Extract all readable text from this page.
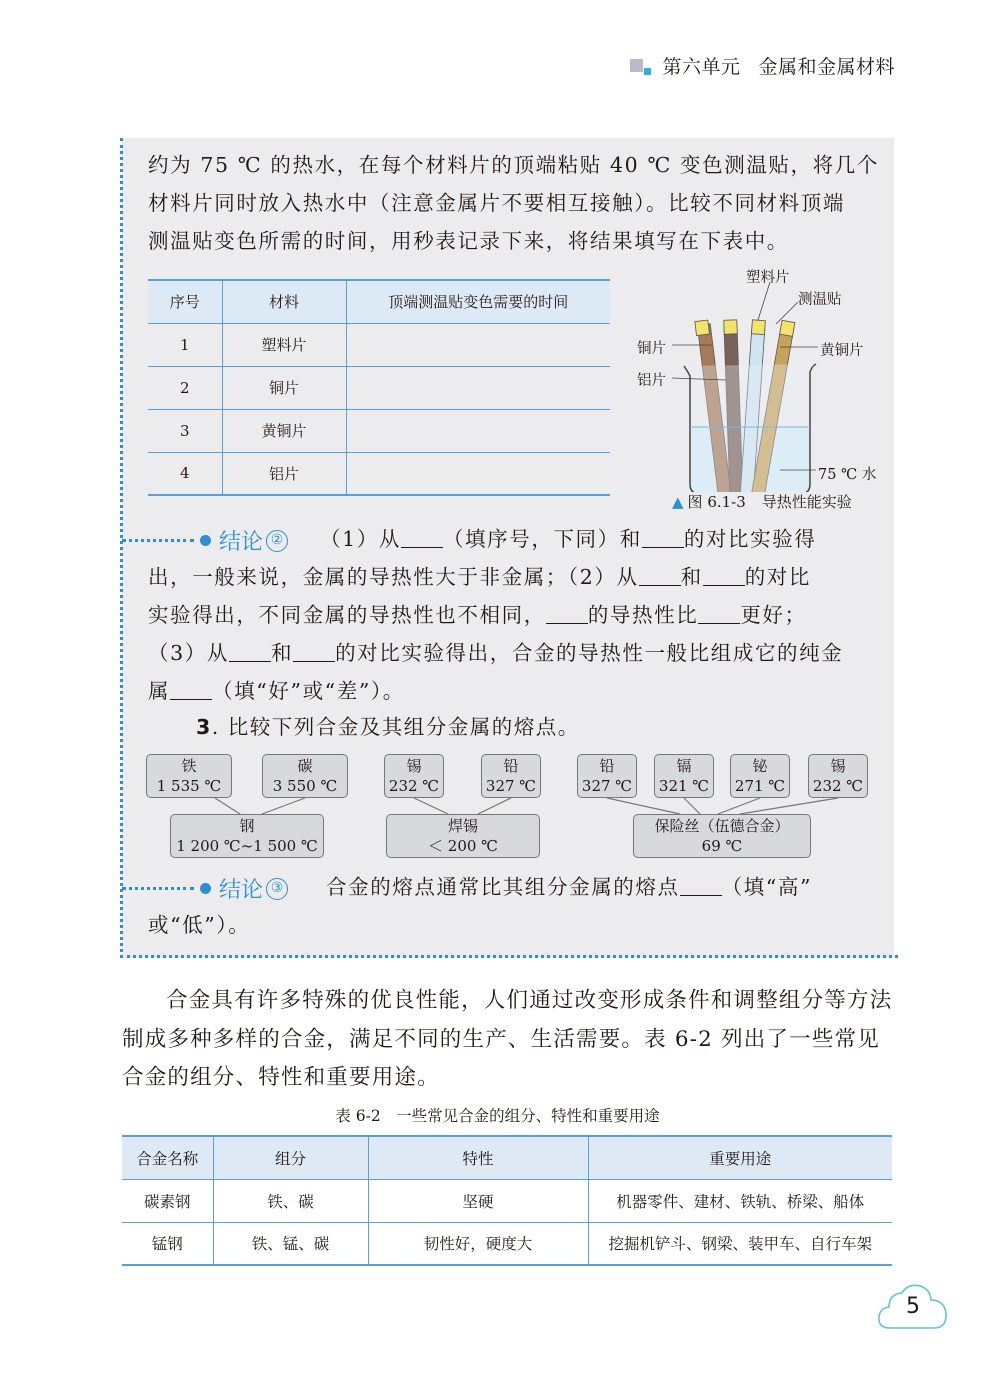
第六单元 金属和金属材料
约为 75 ℃ 的热水，在每个材料片的顶端粘贴 40 ℃ 变色测温贴，将几个
材料片同时放入热水中（注意金属片不要相互接触）。比较不同材料顶端
测温贴变色所需的时间，用秒表记录下来，将结果填写在下表中。
序号	材料	顶端测温贴变色需要的时间
1	塑料片	
2	铜片	
3	黄铜片	
4	铝片	
塑料片
测温贴
铜片	黄铜片
铝片
75 ℃ 水
▲ 图 6.1-3 导热性能实验
结论 ② （1）从 （填序号，下同）和 的对比实验得
出，一般来说，金属的导热性大于非金属；（2）从 和 的对比
实验得出，不同金属的导热性也不相同， 的导热性比 更好；
（3）从 和 的对比实验得出，合金的导热性一般比组成它的纯金
属 （填“好”或“差”）。
3. 比较下列合金及其组分金属的熔点。
铁
1 535 ℃
碳
3 550 ℃
锡
232 ℃
铅
327 ℃
铅
327 ℃
镉
321 ℃
铋
271 ℃
锡
232 ℃
钢
1 200 ℃~1 500 ℃
焊锡
＜ 200 ℃
保险丝（伍德合金）
69 ℃
结论 ③ 合金的熔点通常比其组分金属的熔点 （填“高”
或“低”）。
合金具有许多特殊的优良性能，人们通过改变形成条件和调整组分等方法制成多种多样的合金，满足不同的生产、生活需要。表 6-2 列出了一些常见合金的组分、特性和重要用途。
表 6-2　一些常见合金的组分、特性和重要用途
合金名称	组分	特性	重要用途
碳素钢	铁、碳	坚硬	机器零件、建材、铁轨、桥梁、船体
锰钢	铁、锰、碳	韧性好，硬度大	挖掘机铲斗、钢梁、装甲车、自行车架
5
